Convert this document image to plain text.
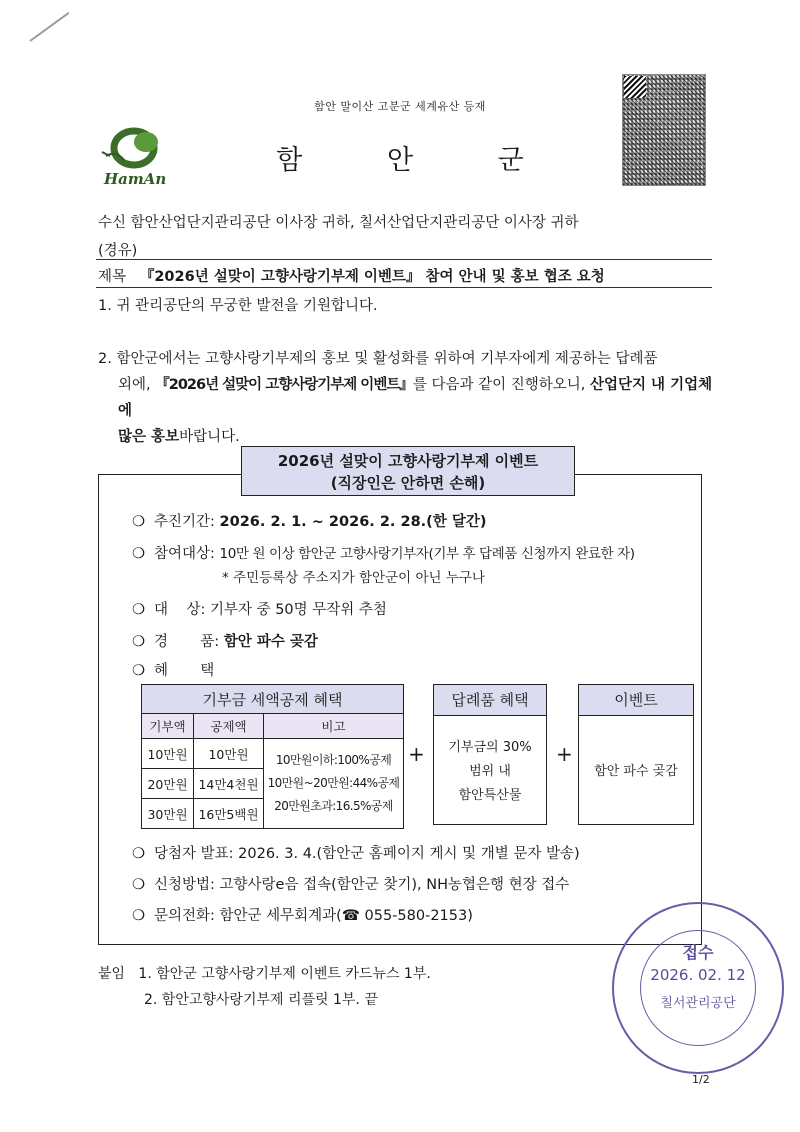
함안 말이산 고분군 세계유산 등재
HamAn
함 안 군
수신 함안산업단지관리공단 이사장 귀하, 칠서산업단지관리공단 이사장 귀하
(경유)
제목 『2026년 설맞이 고향사랑기부제 이벤트』 참여 안내 및 홍보 협조 요청
1. 귀 관리공단의 무궁한 발전을 기원합니다.
2. 함안군에서는 고향사랑기부제의 홍보 및 활성화를 위하여 기부자에게 제공하는 답례품
외에, 『2026년 설맞이 고향사랑기부제 이벤트』를 다음과 같이 진행하오니, 산업단지 내 기업체에
많은 홍보바랍니다.
2026년 설맞이 고향사랑기부제 이벤트
(직장인은 안하면 손해)
❍ 추진기간: 2026. 2. 1. ~ 2026. 2. 28.(한 달간)
❍ 참여대상: 10만 원 이상 함안군 고향사랑기부자(기부 후 답례품 신청까지 완료한 자)
* 주민등록상 주소지가 함안군이 아닌 누구나
❍ 대    상: 기부자 중 50명 무작위 추첨
❍ 경       품: 함안 파수 곶감
❍ 혜       택
기부금 세액공제 혜택		
기부액	공제액	비고
10만원	10만원	10만원이하:100%공제
10만원~20만원:44%공제
20만원초과:16.5%공제

20만원	14만4천원	
30만원	16만5백원	
+
답례품 혜택
기부금의 30%
범위 내
함안특산물
+
이벤트
함안 파수 곶감
❍ 당첨자 발표: 2026. 3. 4.(함안군 홈페이지 게시 및 개별 문자 발송)
❍ 신청방법: 고향사랑e음 접속(함안군 찾기), NH농협은행 현장 접수
❍ 문의전화: 함안군 세무회계과(☎ 055-580-2153)
붙임 1. 함안군 고향사랑기부제 이벤트 카드뉴스 1부.
2. 함안고향사랑기부제 리플릿 1부. 끝
접수
2026. 02. 12
칠서관리공단
1/2
